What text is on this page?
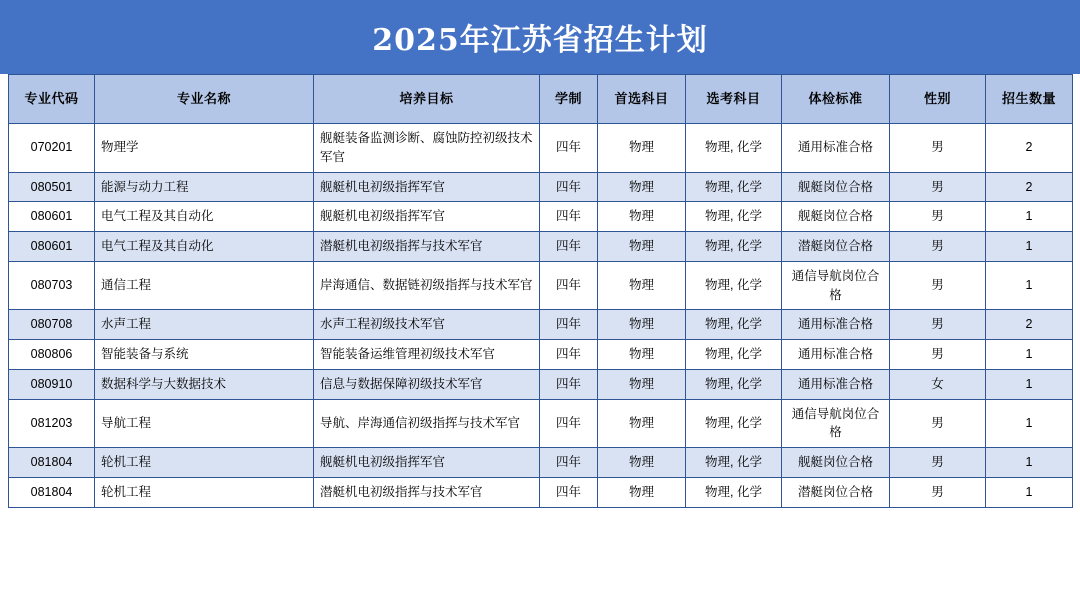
2025年江苏省招生计划
专业代码	专业名称	培养目标	学制	首选科目	选考科目	体检标准	性别	招生数量
070201	物理学	舰艇装备监测诊断、腐蚀防控初级技术军官	四年	物理	物理, 化学	通用标准合格	男	2
080501	能源与动力工程	舰艇机电初级指挥军官	四年	物理	物理, 化学	舰艇岗位合格	男	2
080601	电气工程及其自动化	舰艇机电初级指挥军官	四年	物理	物理, 化学	舰艇岗位合格	男	1
080601	电气工程及其自动化	潜艇机电初级指挥与技术军官	四年	物理	物理, 化学	潜艇岗位合格	男	1
080703	通信工程	岸海通信、数据链初级指挥与技术军官	四年	物理	物理, 化学	通信导航岗位合格	男	1
080708	水声工程	水声工程初级技术军官	四年	物理	物理, 化学	通用标准合格	男	2
080806	智能装备与系统	智能装备运维管理初级技术军官	四年	物理	物理, 化学	通用标准合格	男	1
080910	数据科学与大数据技术	信息与数据保障初级技术军官	四年	物理	物理, 化学	通用标准合格	女	1
081203	导航工程	导航、岸海通信初级指挥与技术军官	四年	物理	物理, 化学	通信导航岗位合格	男	1
081804	轮机工程	舰艇机电初级指挥军官	四年	物理	物理, 化学	舰艇岗位合格	男	1
081804	轮机工程	潜艇机电初级指挥与技术军官	四年	物理	物理, 化学	潜艇岗位合格	男	1
